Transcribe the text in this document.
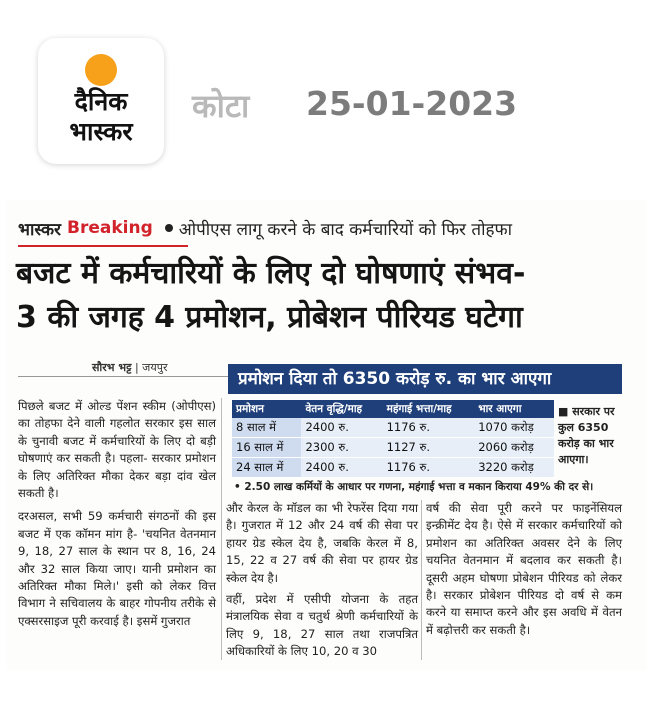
दैनिक
भास्कर
कोटा 25-01-2023
भास्कर Breaking ओपीएस लागू करने के बाद कर्मचारियों को फिर तोहफा
बजट में कर्मचारियों के लिए दो घोषणाएं संभव-
3 की जगह 4 प्रमोशन, प्रोबेशन पीरियड घटेगा
सौरभ भट्ट | जयपुर

पिछले बजट में ओल्ड पेंशन स्कीम (ओपीएस) का तोहफा देने वाली गहलोत सरकार इस साल के चुनावी बजट में कर्मचारियों के लिए दो बड़ी घोषणाएं कर सकती है। पहला- सरकार प्रमोशन के लिए अतिरिक्त मौका देकर बड़ा दांव खेल सकती है।

दरअसल, सभी 59 कर्मचारी संगठनों की इस बजट में एक कॉमन मांग है- 'चयनित वेतनमान 9, 18, 27 साल के स्थान पर 8, 16, 24 और 32 साल किया जाए। यानी प्रमोशन का अतिरिक्त मौका मिले।' इसी को लेकर वित्त विभाग ने सचिवालय के बाहर गोपनीय तरीके से एक्सरसाइज पूरी करवाई है। इसमें गुजरात

प्रमोशन दिया तो 6350 करोड़ रु. का भार आएगा
प्रमोशन	वेतन वृद्धि/माह	महंगाई भत्ता/माह	भार आएगा
8 साल में	2400 रु.	1176 रु.	1070 करोड़
16 साल में	2300 रु.	1127 रु.	2060 करोड़
24 साल में	2400 रु.	1176 रु.	3220 करोड़
■ सरकार पर कुल 6350 करोड़ का भार आएगा।
• 2.50 लाख कर्मियों के आधार पर गणना, महंगाई भत्ता व मकान किराया 49% की दर से।

और केरल के मॉडल का भी रेफरेंस दिया गया है। गुजरात में 12 और 24 वर्ष की सेवा पर हायर ग्रेड स्केल देय है, जबकि केरल में 8, 15, 22 व 27 वर्ष की सेवा पर हायर ग्रेड स्केल देय है।

वहीं, प्रदेश में एसीपी योजना के तहत मंत्रालयिक सेवा व चतुर्थ श्रेणी कर्मचारियों के लिए 9, 18, 27 साल तथा राजपत्रित अधिकारियों के लिए 10, 20 व 30

वर्ष की सेवा पूरी करने पर फाइनेंसियल इन्क्रीमेंट देय है। ऐसे में सरकार कर्मचारियों को प्रमोशन का अतिरिक्त अवसर देने के लिए चयनित वेतनमान में बदलाव कर सकती है। दूसरी अहम घोषणा प्रोबेशन पीरियड को लेकर है। सरकार प्रोबेशन पीरियड दो वर्ष से कम करने या समाप्त करने और इस अवधि में वेतन में बढ़ोत्तरी कर सकती है।
